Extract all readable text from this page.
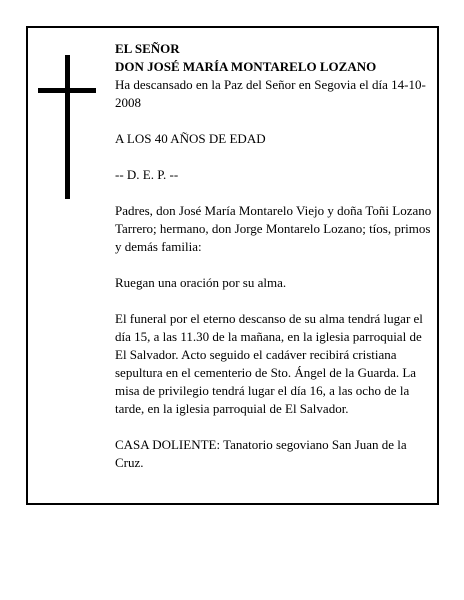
EL SEÑOR

DON JOSÉ MARÍA MONTARELO LOZANO

Ha descansado en la Paz del Señor en Segovia el día 14-10-2008

A LOS 40 AÑOS DE EDAD

-- D. E. P. --

Padres, don José María Montarelo Viejo y doña Toñi Lozano Tarrero; hermano, don Jorge Montarelo Lozano; tíos, primos y demás familia:

Ruegan una oración por su alma.

El funeral por el eterno descanso de su alma tendrá lugar el día 15, a las 11.30 de la mañana, en la iglesia parroquial de El Salvador. Acto seguido el cadáver recibirá cristiana sepultura en el cementerio de Sto. Ángel de la Guarda. La misa de privilegio tendrá lugar el día 16, a las ocho de la tarde, en la iglesia parroquial de El Salvador.

CASA DOLIENTE: Tanatorio segoviano San Juan de la Cruz.
